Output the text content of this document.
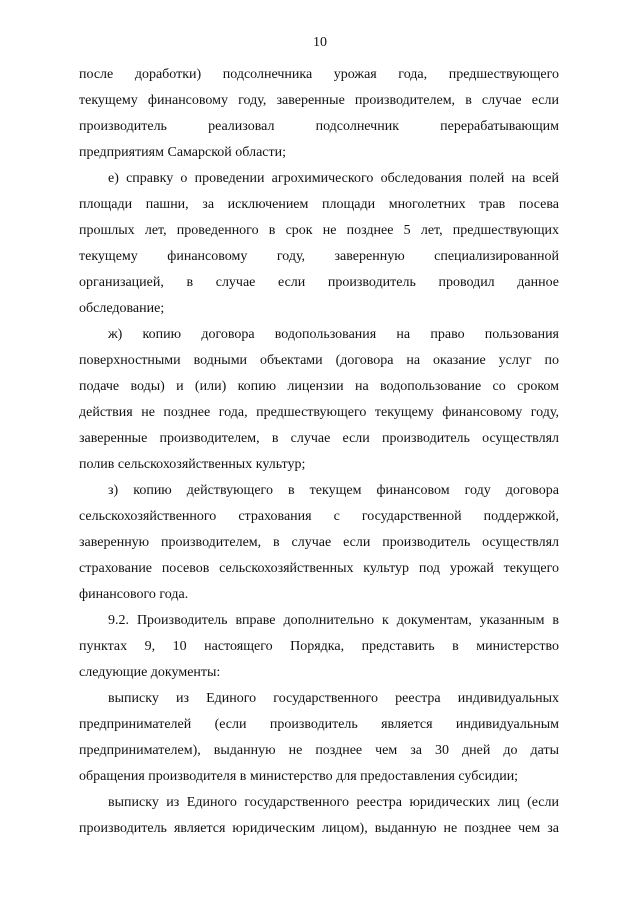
10
после доработки) подсолнечника урожая года, предшествующего
текущему финансовому году, заверенные производителем, в случае если
производитель реализовал подсолнечник перерабатывающим
предприятиям Самарской области;
е) справку о проведении агрохимического обследования полей на всей
площади пашни, за исключением площади многолетних трав посева
прошлых лет, проведенного в срок не позднее 5 лет, предшествующих
текущему финансовому году, заверенную специализированной
организацией, в случае если производитель проводил данное
обследование;
ж) копию договора водопользования на право пользования
поверхностными водными объектами (договора на оказание услуг по
подаче воды) и (или) копию лицензии на водопользование со сроком
действия не позднее года, предшествующего текущему финансовому году,
заверенные производителем, в случае если производитель осуществлял
полив сельскохозяйственных культур;
з) копию действующего в текущем финансовом году договора
сельскохозяйственного страхования с государственной поддержкой,
заверенную производителем, в случае если производитель осуществлял
страхование посевов сельскохозяйственных культур под урожай текущего
финансового года.
9.2. Производитель вправе дополнительно к документам, указанным в
пунктах 9, 10 настоящего Порядка, представить в министерство
следующие документы:
выписку из Единого государственного реестра индивидуальных
предпринимателей (если производитель является индивидуальным
предпринимателем), выданную не позднее чем за 30 дней до даты
обращения производителя в министерство для предоставления субсидии;
выписку из Единого государственного реестра юридических лиц (если
производитель является юридическим лицом), выданную не позднее чем за
